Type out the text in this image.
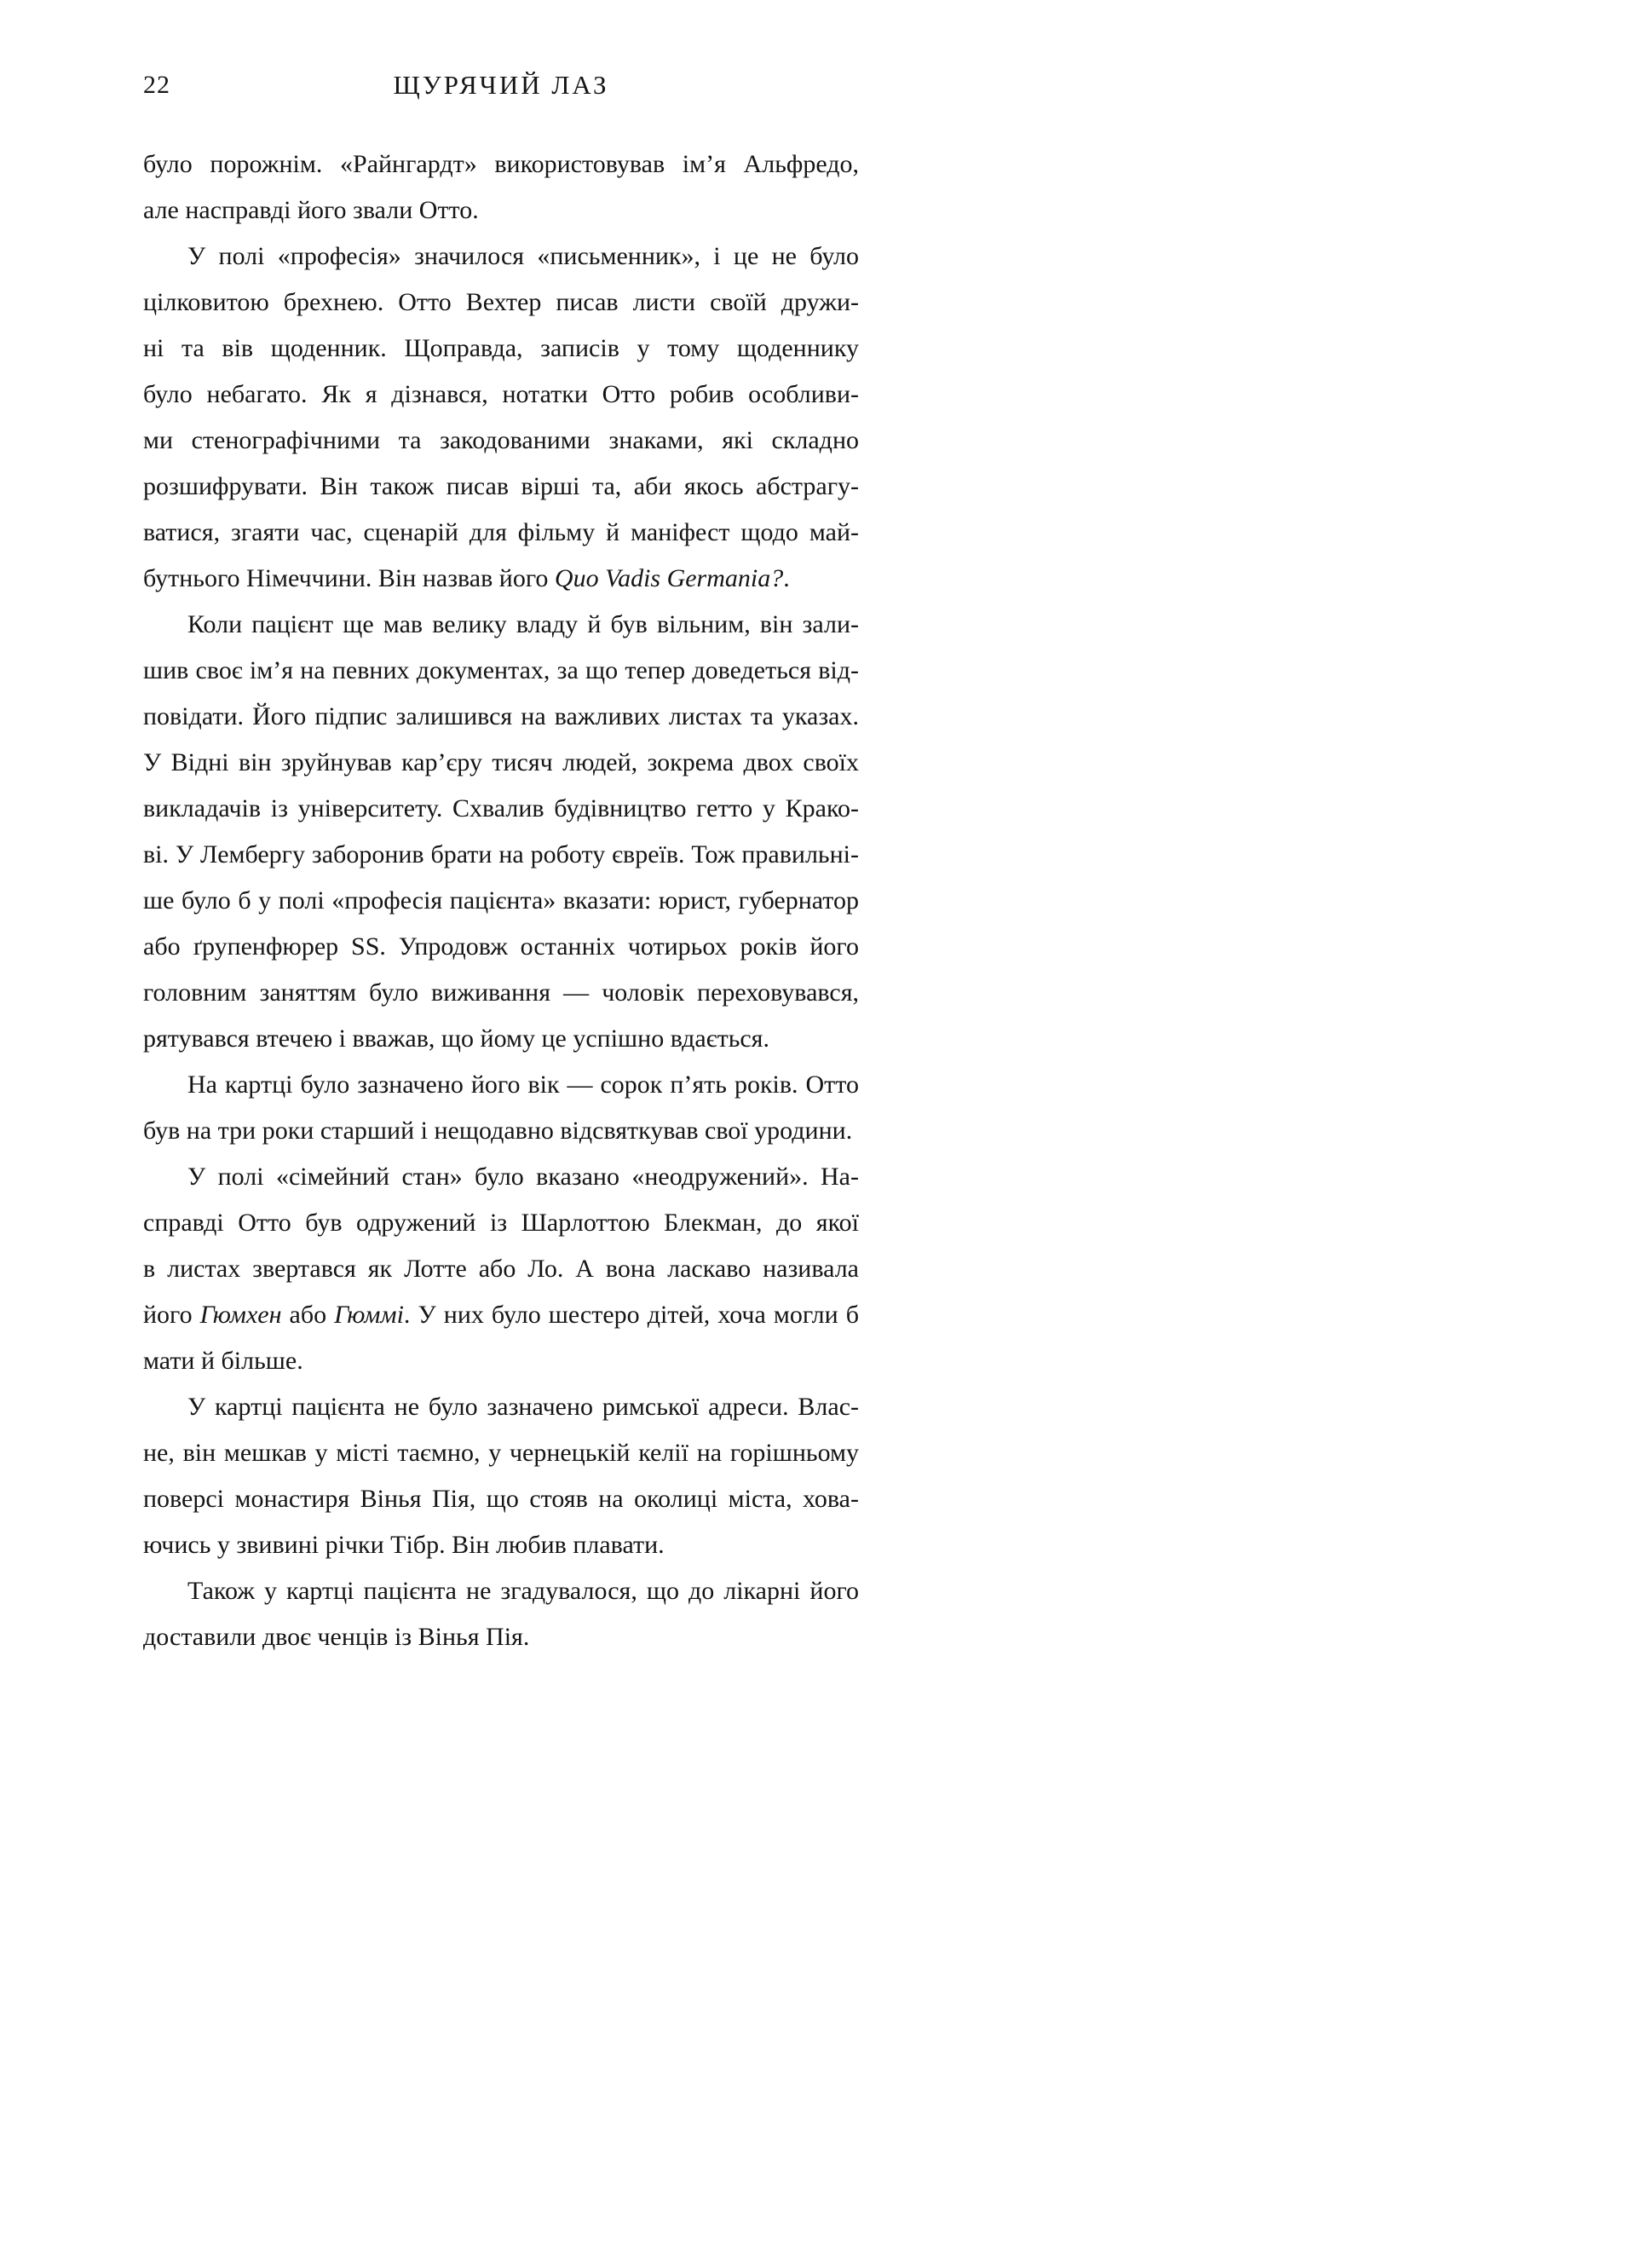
22	ЩУРЯЧИЙ ЛАЗ
було порожнім. «Райнгардт» використовував ім’я Альфредо,
але насправді його звали Отто.
У полі «професія» значилося «письменник», і це не було
цілковитою брехнею. Отто Вехтер писав листи своїй дружи-
ні та вів щоденник. Щоправда, записів у тому щоденнику
було небагато. Як я дізнався, нотатки Отто робив особливи-
ми стенографічними та закодованими знаками, які складно
розшифрувати. Він також писав вірші та, аби якось абстрагу-
ватися, згаяти час, сценарій для фільму й маніфест щодо май-
бутнього Німеччини. Він назвав його Quo Vadis Germania?.
Коли пацієнт ще мав велику владу й був вільним, він зали-
шив своє ім’я на певних документах, за що тепер доведеться від-
повідати. Його підпис залишився на важливих листах та указах.
У Відні він зруйнував кар’єру тисяч людей, зокрема двох своїх
викладачів із університету. Схвалив будівництво гетто у Крако-
ві. У Лембергу заборонив брати на роботу євреїв. Тож правильні-
ше було б у полі «професія пацієнта» вказати: юрист, губернатор
або ґрупенфюрер SS. Упродовж останніх чотирьох років його
головним заняттям було виживання — чоловік переховувався,
рятувався втечею і вважав, що йому це успішно вдається.
На картці було зазначено його вік — сорок п’ять років. Отто
був на три роки старший і нещодавно відсвяткував свої уродини.
У полі «сімейний стан» було вказано «неодружений». На-
справді Отто був одружений із Шарлоттою Блекман, до якої
в листах звертався як Лотте або Ло. А вона ласкаво називала
його Гюмхен або Гюммі. У них було шестеро дітей, хоча могли б
мати й більше.
У картці пацієнта не було зазначено римської адреси. Влас-
не, він мешкав у місті таємно, у чернецькій келії на горішньому
поверсі монастиря Вінья Пія, що стояв на околиці міста, хова-
ючись у звивині річки Тібр. Він любив плавати.
Також у картці пацієнта не згадувалося, що до лікарні його
доставили двоє ченців із Вінья Пія.
